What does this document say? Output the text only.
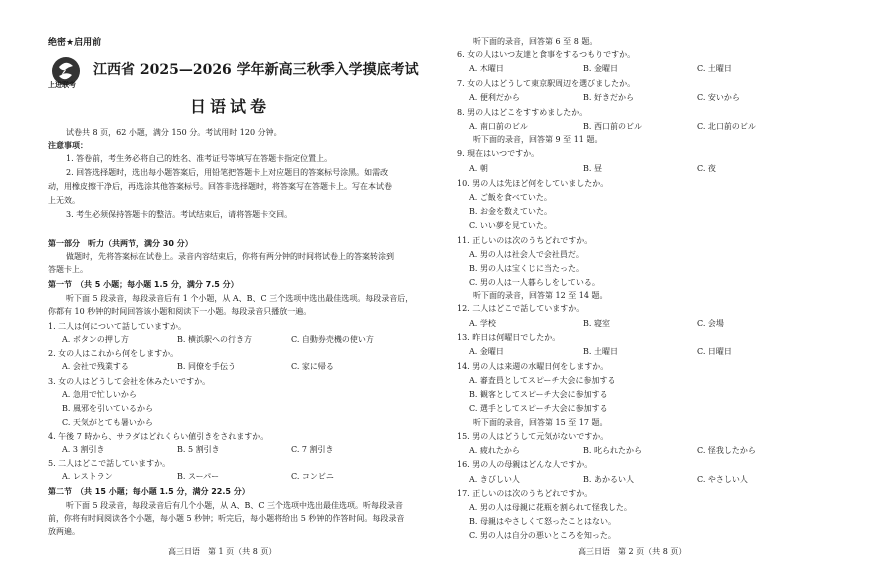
绝密★启用前
上进联考
江西省 2025—2026 学年新高三秋季入学摸底考试
日语试卷
试卷共 8 页，62 小题，满分 150 分。考试用时 120 分钟。
注意事项：
1. 答卷前，考生务必将自己的姓名、准考证号等填写在答题卡指定位置上。
2. 回答选择题时，选出每小题答案后，用铅笔把答题卡上对应题目的答案标号涂黑。如需改
动，用橡皮擦干净后，再选涂其他答案标号。回答非选择题时，将答案写在答题卡上。写在本试卷
上无效。
3. 考生必须保持答题卡的整洁。考试结束后，请将答题卡交回。
第一部分　听力（共两节，满分 30 分）
做题时，先将答案标在试卷上。录音内容结束后，你将有两分钟的时间将试卷上的答案转涂到
答题卡上。
第一节　（共 5 小题；每小题 1.5 分，满分 7.5 分）
听下面 5 段录音，每段录音后有 1 个小题，从 A、B、C 三个选项中选出最佳选项。每段录音后，
你都有 10 秒钟的时间回答该小题和阅读下一小题。每段录音只播放一遍。
1. 二人は何について話していますか。
A. ボタンの押し方	B. 横浜駅への行き方	C. 自動券売機の使い方
2. 女の人はこれから何をしますか。
A. 会社で残業する	B. 同僚を手伝う	C. 家に帰る
3. 女の人はどうして会社を休みたいですか。
A. 急用で忙しいから
B. 風邪を引いているから
C. 天気がとても暑いから
4. 午後 7 時から、サラダはどれくらい値引きをされますか。
A. 3 割引き	B. 5 割引き	C. 7 割引き
5. 二人はどこで話していますか。
A. レストラン	B. スーパー	C. コンビニ
第二节　（共 15 小题；每小题 1.5 分，满分 22.5 分）
听下面 5 段录音，每段录音后有几个小题，从 A、B、C 三个选项中选出最佳选项。听每段录音
前，你将有时间阅读各个小题，每小题 5 秒钟；听完后，每小题将给出 5 秒钟的作答时间。每段录音
放两遍。
高三日语　第 1 页（共 8 页）
听下面的录音，回答第 6 至 8 题。
6. 女の人はいつ友達と食事をするつもりですか。
A. 木曜日	B. 金曜日	C. 土曜日
7. 女の人はどうして東京駅周辺を選びましたか。
A. 便利だから	B. 好きだから	C. 安いから
8. 男の人はどこをすすめましたか。
A. 南口前のビル	B. 西口前のビル	C. 北口前のビル
听下面的录音，回答第 9 至 11 题。
9. 現在はいつですか。
A. 朝	B. 昼	C. 夜
10. 男の人は先ほど何をしていましたか。
A. ご飯を食べていた。
B. お金を数えていた。
C. いい夢を見ていた。
11. 正しいのは次のうちどれですか。
A. 男の人は社会人で会社員だ。
B. 男の人は宝くじに当たった。
C. 男の人は一人暮らしをしている。
听下面的录音，回答第 12 至 14 题。
12. 二人はどこで話していますか。
A. 学校	B. 寝室	C. 会場
13. 昨日は何曜日でしたか。
A. 金曜日	B. 土曜日	C. 日曜日
14. 男の人は来週の水曜日何をしますか。
A. 審査員としてスピーチ大会に参加する
B. 観客としてスピーチ大会に参加する
C. 選手としてスピーチ大会に参加する
听下面的录音，回答第 15 至 17 题。
15. 男の人はどうして元気がないですか。
A. 疲れたから	B. 叱られたから	C. 怪我したから
16. 男の人の母親はどんな人ですか。
A. きびしい人	B. あかるい人	C. やさしい人
17. 正しいのは次のうちどれですか。
A. 男の人は母親に花瓶を割られて怪我した。
B. 母親はやさしくて怒ったことはない。
C. 男の人は自分の悪いところを知った。
高三日语　第 2 页（共 8 页）
